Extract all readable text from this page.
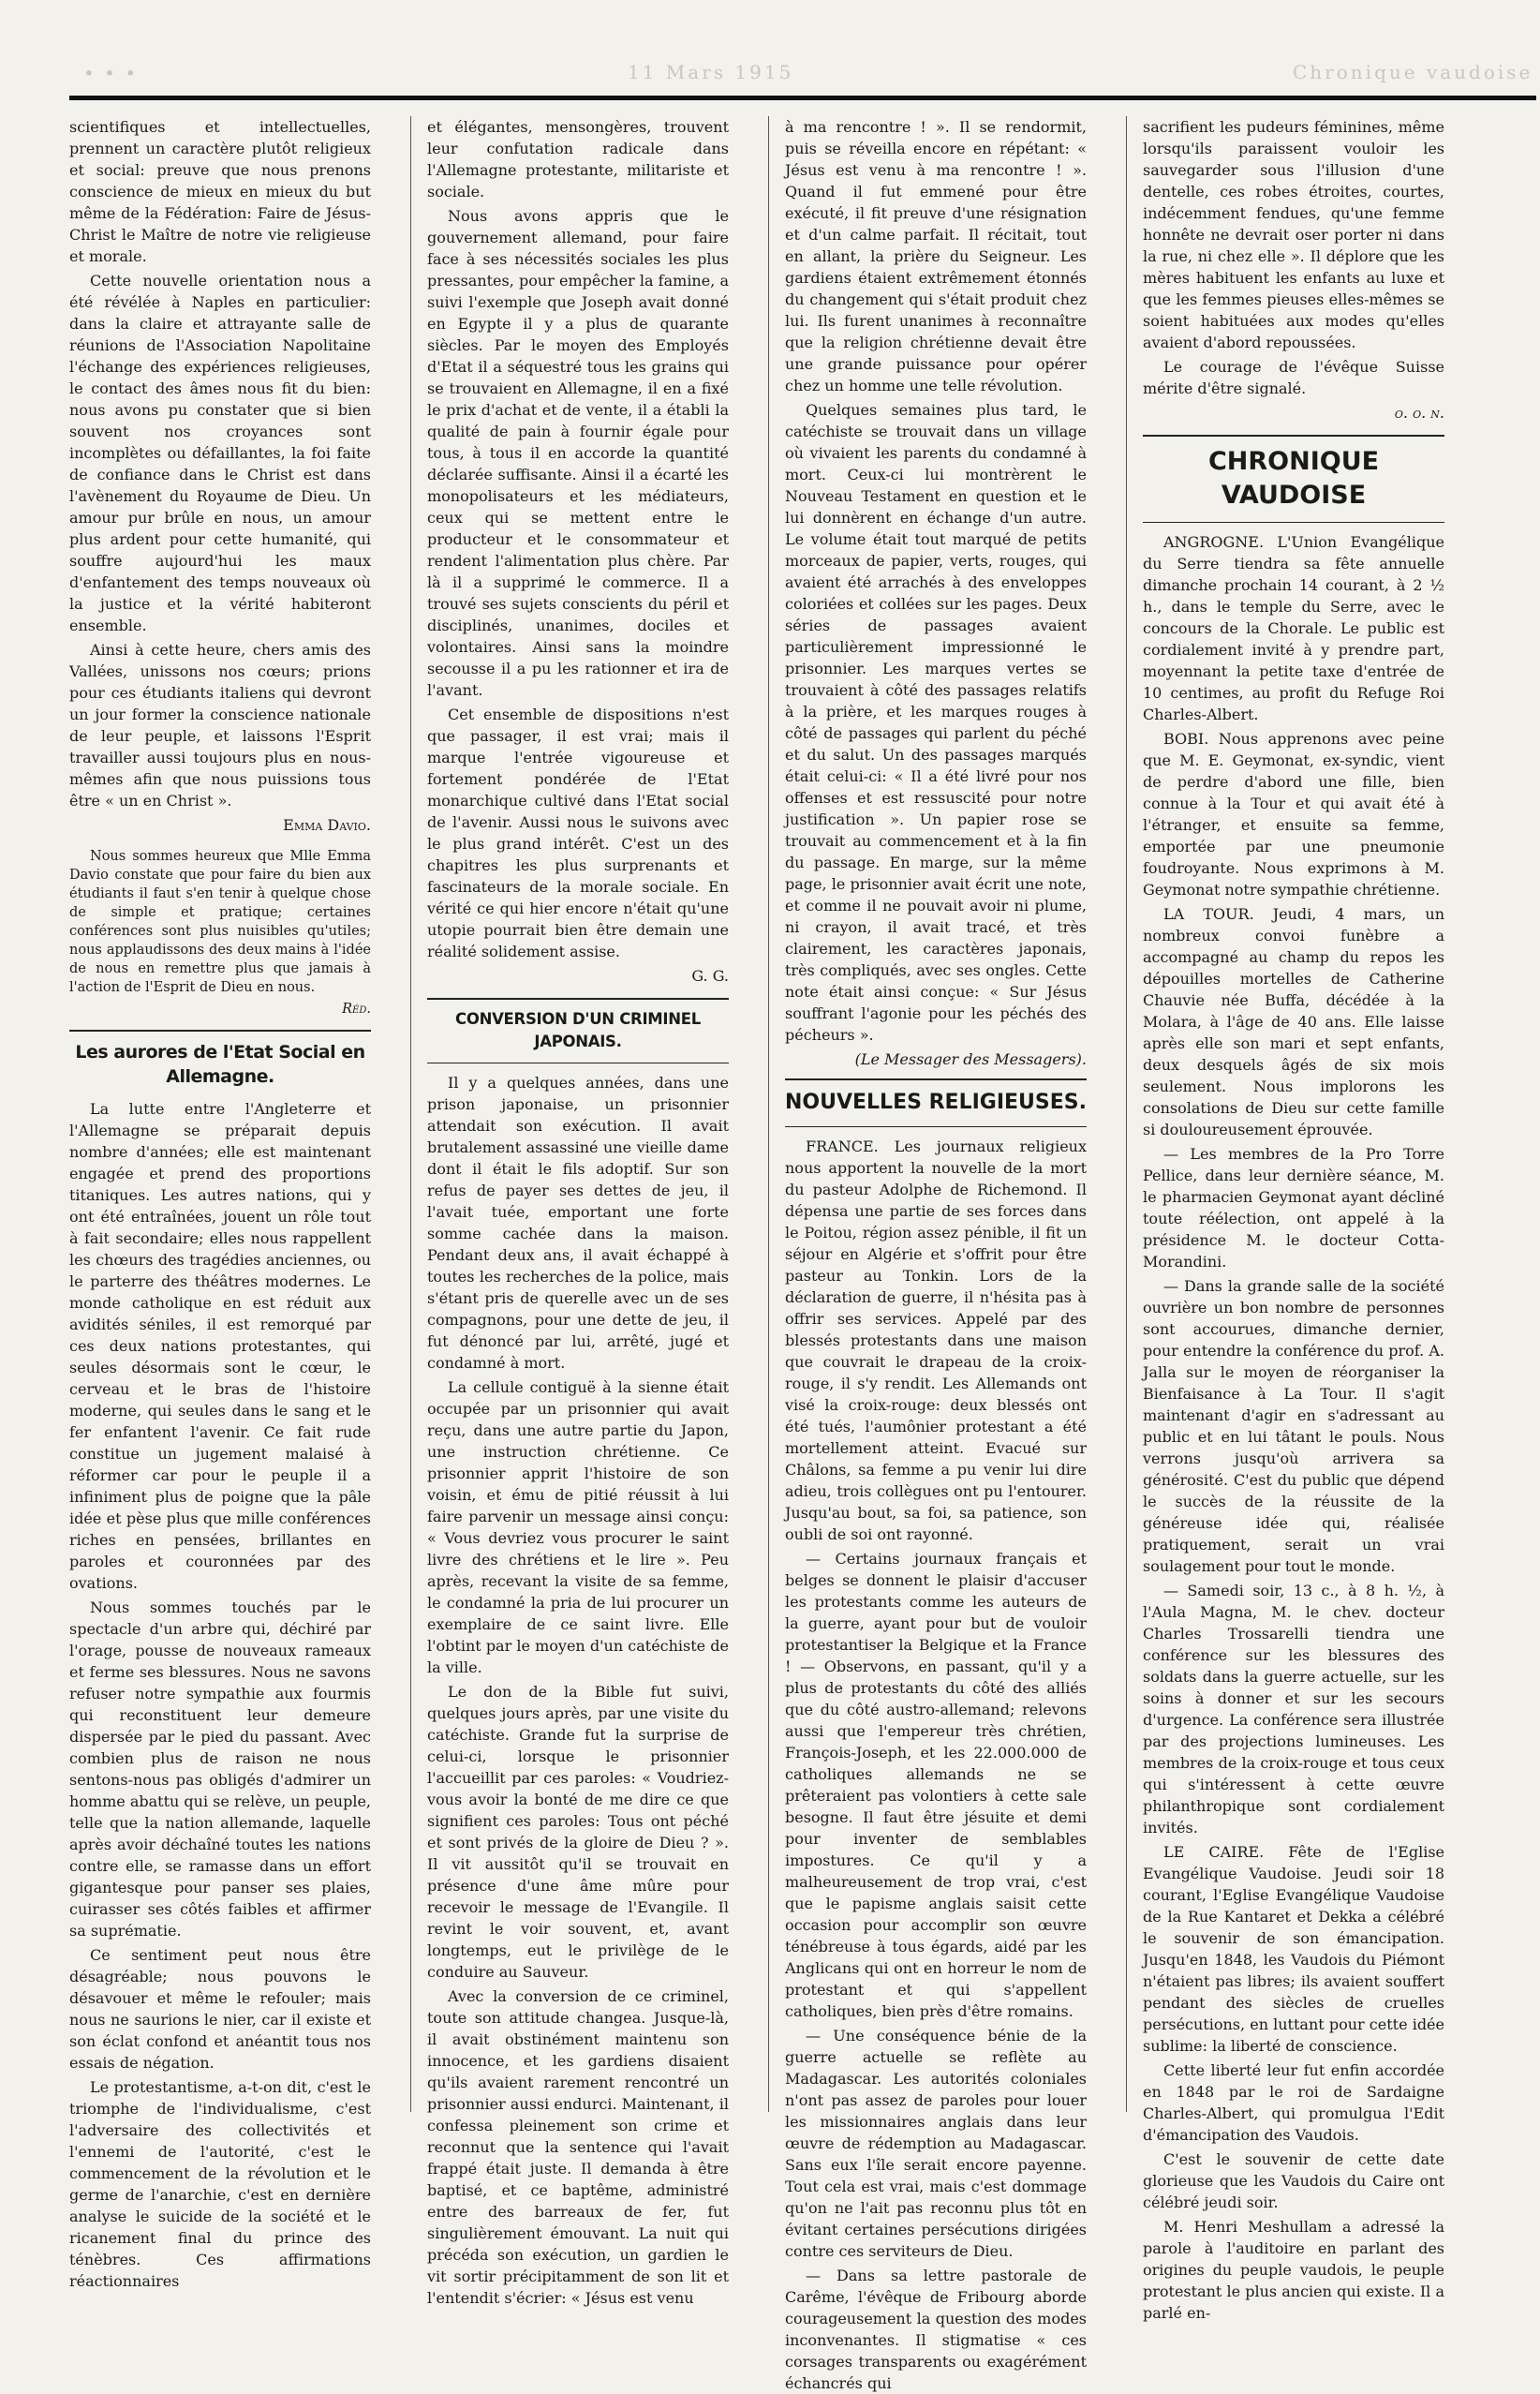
∙ ∙ ∙	11 Mars 1915	Chronique vaudoise

scientifiques et intellectuelles, prennent un caractère plutôt religieux et social: preuve que nous prenons conscience de mieux en mieux du but même de la Fédération: Faire de Jésus-Christ le Maître de notre vie religieuse et morale.

Cette nouvelle orientation nous a été révélée à Naples en particulier: dans la claire et attrayante salle de réunions de l'Association Napolitaine l'échange des expériences religieuses, le contact des âmes nous fit du bien: nous avons pu constater que si bien souvent nos croyances sont incomplètes ou défaillantes, la foi faite de confiance dans le Christ est dans l'avènement du Royaume de Dieu. Un amour pur brûle en nous, un amour plus ardent pour cette humanité, qui souffre aujourd'hui les maux d'enfantement des temps nouveaux où la justice et la vérité habiteront ensemble.

Ainsi à cette heure, chers amis des Vallées, unissons nos cœurs; prions pour ces étudiants italiens qui devront un jour former la conscience nationale de leur peuple, et laissons l'Esprit travailler aussi toujours plus en nous-mêmes afin que nous puissions tous être « un en Christ ».

Emma Davio.

Nous sommes heureux que Mlle Emma Davio constate que pour faire du bien aux étudiants il faut s'en tenir à quelque chose de simple et pratique; certaines conférences sont plus nuisibles qu'utiles; nous applaudissons des deux mains à l'idée de nous en remettre plus que jamais à l'action de l'Esprit de Dieu en nous.

Réd.

Les aurores de l'Etat Social en Allemagne.

La lutte entre l'Angleterre et l'Allemagne se préparait depuis nombre d'années; elle est maintenant engagée et prend des proportions titaniques. Les autres nations, qui y ont été entraînées, jouent un rôle tout à fait secondaire; elles nous rappellent les chœurs des tragédies anciennes, ou le parterre des théâtres modernes. Le monde catholique en est réduit aux avidités séniles, il est remorqué par ces deux nations protestantes, qui seules désormais sont le cœur, le cerveau et le bras de l'histoire moderne, qui seules dans le sang et le fer enfantent l'avenir. Ce fait rude constitue un jugement malaisé à réformer car pour le peuple il a infiniment plus de poigne que la pâle idée et pèse plus que mille conférences riches en pensées, brillantes en paroles et couronnées par des ovations.

Nous sommes touchés par le spectacle d'un arbre qui, déchiré par l'orage, pousse de nouveaux rameaux et ferme ses blessures. Nous ne savons refuser notre sympathie aux fourmis qui reconstituent leur demeure dispersée par le pied du passant. Avec combien plus de raison ne nous sentons-nous pas obligés d'admirer un homme abattu qui se relève, un peuple, telle que la nation allemande, laquelle après avoir déchaîné toutes les nations contre elle, se ramasse dans un effort gigantesque pour panser ses plaies, cuirasser ses côtés faibles et affirmer sa suprématie.

Ce sentiment peut nous être désagréable; nous pouvons le désavouer et même le refouler; mais nous ne saurions le nier, car il existe et son éclat confond et anéantit tous nos essais de négation.

Le protestantisme, a-t-on dit, c'est le triomphe de l'individualisme, c'est l'adversaire des collectivités et l'ennemi de l'autorité, c'est le commencement de la révolution et le germe de l'anarchie, c'est en dernière analyse le suicide de la société et le ricanement final du prince des ténèbres. Ces affirmations réactionnaires

et élégantes, mensongères, trouvent leur confutation radicale dans l'Allemagne protestante, militariste et sociale.

Nous avons appris que le gouvernement allemand, pour faire face à ses nécessités sociales les plus pressantes, pour empêcher la famine, a suivi l'exemple que Joseph avait donné en Egypte il y a plus de quarante siècles. Par le moyen des Employés d'Etat il a séquestré tous les grains qui se trouvaient en Allemagne, il en a fixé le prix d'achat et de vente, il a établi la qualité de pain à fournir égale pour tous, à tous il en accorde la quantité déclarée suffisante. Ainsi il a écarté les monopolisateurs et les médiateurs, ceux qui se mettent entre le producteur et le consommateur et rendent l'alimentation plus chère. Par là il a supprimé le commerce. Il a trouvé ses sujets conscients du péril et disciplinés, unanimes, dociles et volontaires. Ainsi sans la moindre secousse il a pu les rationner et ira de l'avant.

Cet ensemble de dispositions n'est que passager, il est vrai; mais il marque l'entrée vigoureuse et fortement pondérée de l'Etat monarchique cultivé dans l'Etat social de l'avenir. Aussi nous le suivons avec le plus grand intérêt. C'est un des chapitres les plus surprenants et fascinateurs de la morale sociale. En vérité ce qui hier encore n'était qu'une utopie pourrait bien être demain une réalité solidement assise.

G. G.

CONVERSION D'UN CRIMINEL JAPONAIS.

Il y a quelques années, dans une prison japonaise, un prisonnier attendait son exécution. Il avait brutalement assassiné une vieille dame dont il était le fils adoptif. Sur son refus de payer ses dettes de jeu, il l'avait tuée, emportant une forte somme cachée dans la maison. Pendant deux ans, il avait échappé à toutes les recherches de la police, mais s'étant pris de querelle avec un de ses compagnons, pour une dette de jeu, il fut dénoncé par lui, arrêté, jugé et condamné à mort.

La cellule contiguë à la sienne était occupée par un prisonnier qui avait reçu, dans une autre partie du Japon, une instruction chrétienne. Ce prisonnier apprit l'histoire de son voisin, et ému de pitié réussit à lui faire parvenir un message ainsi conçu: « Vous devriez vous procurer le saint livre des chrétiens et le lire ». Peu après, recevant la visite de sa femme, le condamné la pria de lui procurer un exemplaire de ce saint livre. Elle l'obtint par le moyen d'un catéchiste de la ville.

Le don de la Bible fut suivi, quelques jours après, par une visite du catéchiste. Grande fut la surprise de celui-ci, lorsque le prisonnier l'accueillit par ces paroles: « Voudriez-vous avoir la bonté de me dire ce que signifient ces paroles: Tous ont péché et sont privés de la gloire de Dieu ? ». Il vit aussitôt qu'il se trouvait en présence d'une âme mûre pour recevoir le message de l'Evangile. Il revint le voir souvent, et, avant longtemps, eut le privilège de le conduire au Sauveur.

Avec la conversion de ce criminel, toute son attitude changea. Jusque-là, il avait obstinément maintenu son innocence, et les gardiens disaient qu'ils avaient rarement rencontré un prisonnier aussi endurci. Maintenant, il confessa pleinement son crime et reconnut que la sentence qui l'avait frappé était juste. Il demanda à être baptisé, et ce baptême, administré entre des barreaux de fer, fut singulièrement émouvant. La nuit qui précéda son exécution, un gardien le vit sortir précipitamment de son lit et l'entendit s'écrier: « Jésus est venu

à ma rencontre ! ». Il se rendormit, puis se réveilla encore en répétant: « Jésus est venu à ma rencontre ! ». Quand il fut emmené pour être exécuté, il fit preuve d'une résignation et d'un calme parfait. Il récitait, tout en allant, la prière du Seigneur. Les gardiens étaient extrêmement étonnés du changement qui s'était produit chez lui. Ils furent unanimes à reconnaître que la religion chrétienne devait être une grande puissance pour opérer chez un homme une telle révolution.

Quelques semaines plus tard, le catéchiste se trouvait dans un village où vivaient les parents du condamné à mort. Ceux-ci lui montrèrent le Nouveau Testament en question et le lui donnèrent en échange d'un autre. Le volume était tout marqué de petits morceaux de papier, verts, rouges, qui avaient été arrachés à des enveloppes coloriées et collées sur les pages. Deux séries de passages avaient particulièrement impressionné le prisonnier. Les marques vertes se trouvaient à côté des passages relatifs à la prière, et les marques rouges à côté de passages qui parlent du péché et du salut. Un des passages marqués était celui-ci: « Il a été livré pour nos offenses et est ressuscité pour notre justification ». Un papier rose se trouvait au commencement et à la fin du passage. En marge, sur la même page, le prisonnier avait écrit une note, et comme il ne pouvait avoir ni plume, ni crayon, il avait tracé, et très clairement, les caractères japonais, très compliqués, avec ses ongles. Cette note était ainsi conçue: « Sur Jésus souffrant l'agonie pour les péchés des pécheurs ».

(Le Messager des Messagers).

NOUVELLES RELIGIEUSES.

FRANCE. Les journaux religieux nous apportent la nouvelle de la mort du pasteur Adolphe de Richemond. Il dépensa une partie de ses forces dans le Poitou, région assez pénible, il fit un séjour en Algérie et s'offrit pour être pasteur au Tonkin. Lors de la déclaration de guerre, il n'hésita pas à offrir ses services. Appelé par des blessés protestants dans une maison que couvrait le drapeau de la croix-rouge, il s'y rendit. Les Allemands ont visé la croix-rouge: deux blessés ont été tués, l'aumônier protestant a été mortellement atteint. Evacué sur Châlons, sa femme a pu venir lui dire adieu, trois collègues ont pu l'entourer. Jusqu'au bout, sa foi, sa patience, son oubli de soi ont rayonné.

— Certains journaux français et belges se donnent le plaisir d'accuser les protestants comme les auteurs de la guerre, ayant pour but de vouloir protestantiser la Belgique et la France ! — Observons, en passant, qu'il y a plus de protestants du côté des alliés que du côté austro-allemand; relevons aussi que l'empereur très chrétien, François-Joseph, et les 22.000.000 de catholiques allemands ne se prêteraient pas volontiers à cette sale besogne. Il faut être jésuite et demi pour inventer de semblables impostures. Ce qu'il y a malheureusement de trop vrai, c'est que le papisme anglais saisit cette occasion pour accomplir son œuvre ténébreuse à tous égards, aidé par les Anglicans qui ont en horreur le nom de protestant et qui s'appellent catholiques, bien près d'être romains.

— Une conséquence bénie de la guerre actuelle se reflète au Madagascar. Les autorités coloniales n'ont pas assez de paroles pour louer les missionnaires anglais dans leur œuvre de rédemption au Madagascar. Sans eux l'île serait encore payenne. Tout cela est vrai, mais c'est dommage qu'on ne l'ait pas reconnu plus tôt en évitant certaines persécutions dirigées contre ces serviteurs de Dieu.

— Dans sa lettre pastorale de Carême, l'évêque de Fribourg aborde courageusement la question des modes inconvenantes. Il stigmatise « ces corsages transparents ou exagérément échancrés qui

sacrifient les pudeurs féminines, même lorsqu'ils paraissent vouloir les sauvegarder sous l'illusion d'une dentelle, ces robes étroites, courtes, indécemment fendues, qu'une femme honnête ne devrait oser porter ni dans la rue, ni chez elle ». Il déplore que les mères habituent les enfants au luxe et que les femmes pieuses elles-mêmes se soient habituées aux modes qu'elles avaient d'abord repoussées.

Le courage de l'évêque Suisse mérite d'être signalé.

o. o. n.

CHRONIQUE VAUDOISE

ANGROGNE. L'Union Evangélique du Serre tiendra sa fête annuelle dimanche prochain 14 courant, à 2 ½ h., dans le temple du Serre, avec le concours de la Chorale. Le public est cordialement invité à y prendre part, moyennant la petite taxe d'entrée de 10 centimes, au profit du Refuge Roi Charles-Albert.

BOBI. Nous apprenons avec peine que M. E. Geymonat, ex-syndic, vient de perdre d'abord une fille, bien connue à la Tour et qui avait été à l'étranger, et ensuite sa femme, emportée par une pneumonie foudroyante. Nous exprimons à M. Geymonat notre sympathie chrétienne.

LA TOUR. Jeudi, 4 mars, un nombreux convoi funèbre a accompagné au champ du repos les dépouilles mortelles de Catherine Chauvie née Buffa, décédée à la Molara, à l'âge de 40 ans. Elle laisse après elle son mari et sept enfants, deux desquels âgés de six mois seulement. Nous implorons les consolations de Dieu sur cette famille si douloureusement éprouvée.

— Les membres de la Pro Torre Pellice, dans leur dernière séance, M. le pharmacien Geymonat ayant décliné toute réélection, ont appelé à la présidence M. le docteur Cotta-Morandini.

— Dans la grande salle de la société ouvrière un bon nombre de personnes sont accourues, dimanche dernier, pour entendre la conférence du prof. A. Jalla sur le moyen de réorganiser la Bienfaisance à La Tour. Il s'agit maintenant d'agir en s'adressant au public et en lui tâtant le pouls. Nous verrons jusqu'où arrivera sa générosité. C'est du public que dépend le succès de la réussite de la généreuse idée qui, réalisée pratiquement, serait un vrai soulagement pour tout le monde.

— Samedi soir, 13 c., à 8 h. ½, à l'Aula Magna, M. le chev. docteur Charles Trossarelli tiendra une conférence sur les blessures des soldats dans la guerre actuelle, sur les soins à donner et sur les secours d'urgence. La conférence sera illustrée par des projections lumineuses. Les membres de la croix-rouge et tous ceux qui s'intéressent à cette œuvre philanthropique sont cordialement invités.

LE CAIRE. Fête de l'Eglise Evangélique Vaudoise. Jeudi soir 18 courant, l'Eglise Evangélique Vaudoise de la Rue Kantaret et Dekka a célébré le souvenir de son émancipation. Jusqu'en 1848, les Vaudois du Piémont n'étaient pas libres; ils avaient souffert pendant des siècles de cruelles persécutions, en luttant pour cette idée sublime: la liberté de conscience.

Cette liberté leur fut enfin accordée en 1848 par le roi de Sardaigne Charles-Albert, qui promulgua l'Edit d'émancipation des Vaudois.

C'est le souvenir de cette date glorieuse que les Vaudois du Caire ont célébré jeudi soir.

M. Henri Meshullam a adressé la parole à l'auditoire en parlant des origines du peuple vaudois, le peuple protestant le plus ancien qui existe. Il a parlé en-
